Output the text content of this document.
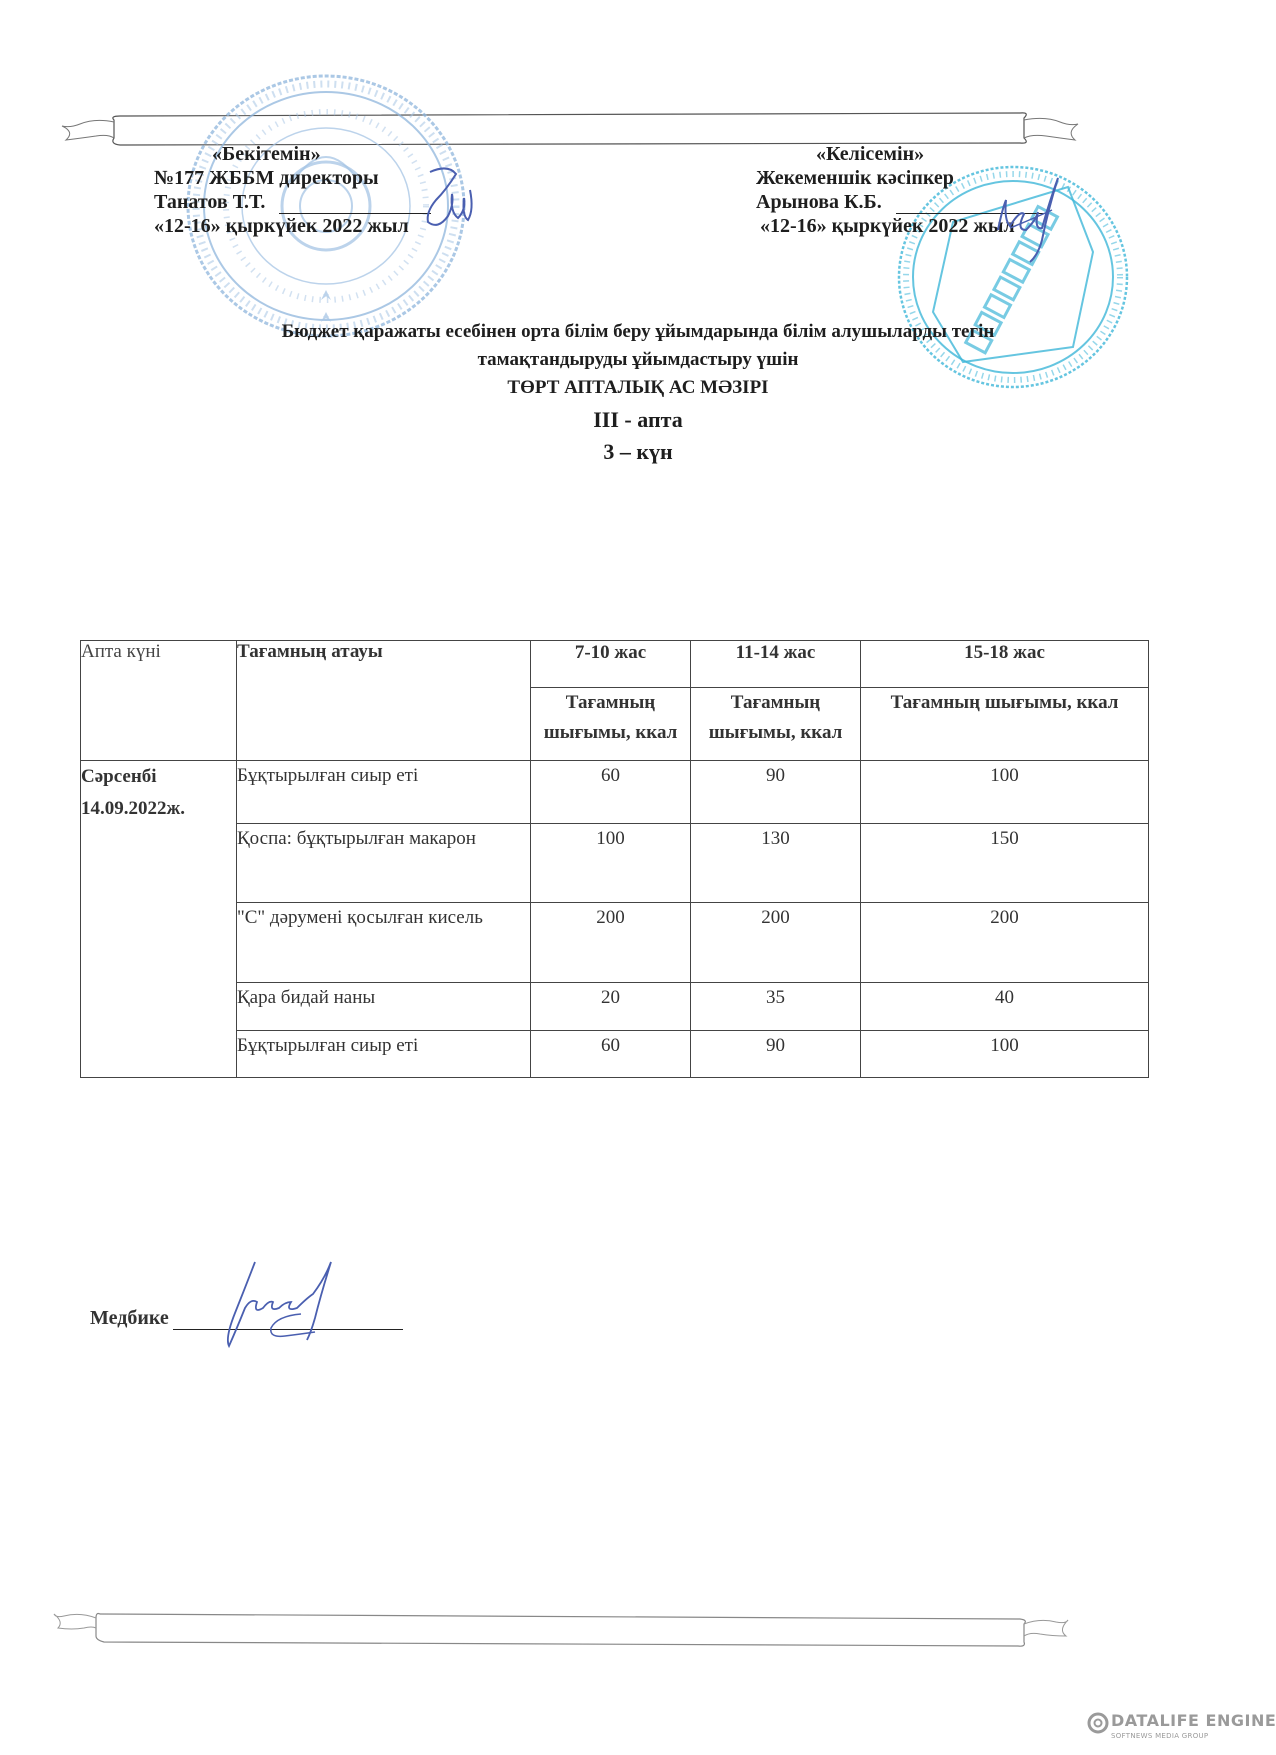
«Бекітемін»
№177 ЖББМ директоры
Танатов Т.Т.
«12-16» қыркүйек 2022 жыл
«Келісемін»
Жекеменшік кәсіпкер
Арынова К.Б.
«12-16» қыркүйек 2022 жыл
Бюджет қаражаты есебінен орта білім беру ұйымдарында білім алушыларды тегін
тамақтандыруды ұйымдастыру үшін
ТӨРТ АПТАЛЫҚ АС МӘЗІРІ
ІІІ - апта
3 – күн
Апта күні	Тағамның атауы	7-10 жас	11-14 жас	15-18 жас
		Тағамның шығымы, ккал	Тағамның шығымы, ккал	Тағамның шығымы, ккал

Сәрсенбі
14.09.2022ж.	Бұқтырылған сиыр еті	60	90	100
	Қоспа: бұқтырылған макарон	100	130	150
	"С" дәрумені қосылған кисель	200	200	200
	Қара бидай наны	20	35	40
	Бұқтырылған сиыр еті	60	90	100
Медбике
DATALIFE ENGINE
SOFTNEWS MEDIA GROUP
